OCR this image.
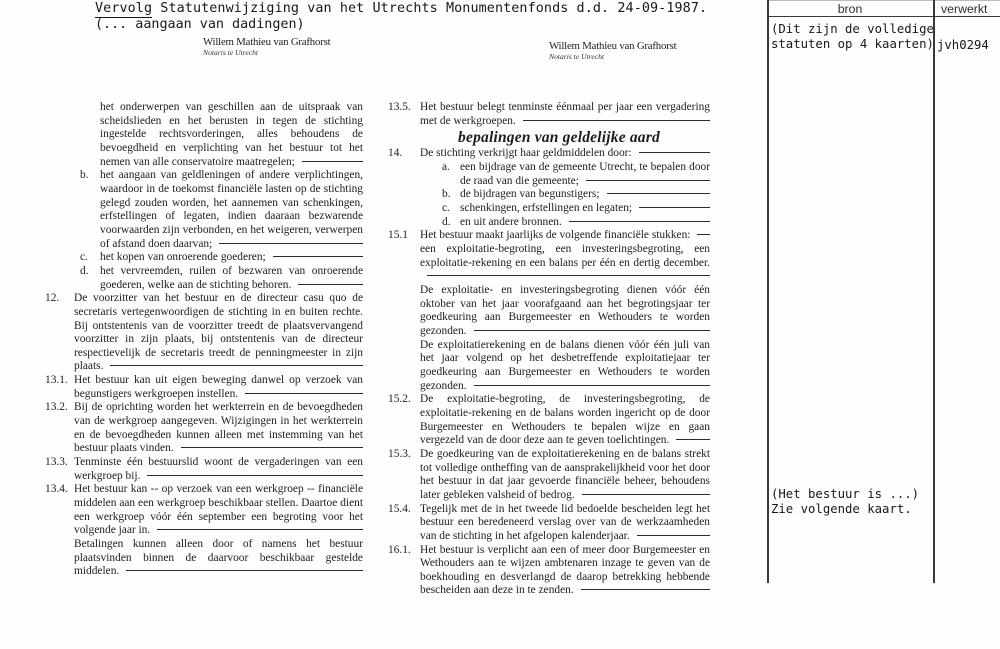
Vervolg Statutenwijziging van het Utrechts Monumentenfonds d.d. 24-09-1987.
(... aangaan van dadingen)
Willem Mathieu van Grafhorst
Notaris te Utrecht
Willem Mathieu van Grafhorst
Notaris te Utrecht
het onderwerpen van geschillen aan de uitspraak van scheidslieden en het berusten in tegen de stichting ingestelde rechtsvorderingen, alles behoudens de bevoegdheid en verplichting van het bestuur tot het nemen van alle conservatoire maatregelen;
b. het aangaan van geldleningen of andere verplichtingen, waardoor in de toekomst financiële lasten op de stichting gelegd zouden worden, het aannemen van schenkingen, erfstellingen of legaten, indien daaraan bezwarende voorwaarden zijn verbonden, en het weigeren, verwerpen of afstand doen daarvan;
c. het kopen van onroerende goederen;
d. het vervreemden, ruilen of bezwaren van onroerende goederen, welke aan de stichting behoren.
12. De voorzitter van het bestuur en de directeur casu quo de secretaris vertegenwoordigen de stichting in en buiten rechte. Bij ontstentenis van de voorzitter treedt de plaatsvervangend voorzitter in zijn plaats, bij ontstentenis van de directeur respectievelijk de secretaris treedt de penningmeester in zijn plaats.
13.1. Het bestuur kan uit eigen beweging danwel op verzoek van begunstigers werkgroepen instellen.
13.2. Bij de oprichting worden het werkterrein en de bevoegdheden van de werkgroep aangegeven. Wijzigingen in het werkterrein en de bevoegdheden kunnen alleen met instemming van het bestuur plaats vinden.
13.3. Tenminste één bestuurslid woont de vergaderingen van een werkgroep bij.
13.4. Het bestuur kan -- op verzoek van een werkgroep -- financiële middelen aan een werkgroep beschikbaar stellen. Daartoe dient een werkgroep vóór één september een begroting voor het volgende jaar in.
Betalingen kunnen alleen door of namens het bestuur plaatsvinden binnen de daarvoor beschikbaar gestelde middelen.
13.5. Het bestuur belegt tenminste éénmaal per jaar een vergadering met de werkgroepen.
bepalingen van geldelijke aard
14. De stichting verkrijgt haar geldmiddelen door:
a. een bijdrage van de gemeente Utrecht, te bepalen door de raad van die gemeente;
b. de bijdragen van begunstigers;
c. schenkingen, erfstellingen en legaten;
d. en uit andere bronnen.
15.1 Het bestuur maakt jaarlijks de volgende financiële stukken:
een exploitatie-begroting, een investeringsbegroting, een exploitatie-rekening en een balans per één en dertig december.
De exploitatie- en investeringsbegroting dienen vóór één oktober van het jaar voorafgaand aan het begrotingsjaar ter goedkeuring aan Burgemeester en Wethouders te worden gezonden.
De exploitatierekening en de balans dienen vóór één juli van het jaar volgend op het desbetreffende exploitatiejaar ter goedkeuring aan Burgemeester en Wethouders te worden gezonden.
15.2. De exploitatie-begroting, de investeringsbegroting, de exploitatie-rekening en de balans worden ingericht op de door Burgemeester en Wethouders te bepalen wijze en gaan vergezeld van de door deze aan te geven toelichtingen.
15.3. De goedkeuring van de exploitatierekening en de balans strekt tot volledige ontheffing van de aansprakelijkheid voor het door het bestuur in dat jaar gevoerde financiële beheer, behoudens later gebleken valsheid of bedrog.
15.4. Tegelijk met de in het tweede lid bedoelde bescheiden legt het bestuur een beredeneerd verslag over van de werkzaamheden van de stichting in het afgelopen kalenderjaar.
16.1. Het bestuur is verplicht aan een of meer door Burgemeester en Wethouders aan te wijzen ambtenaren inzage te geven van de boekhouding en desverlangd de daarop betrekking hebbende bescheiden aan deze in te zenden.
bron	verwerkt
(Dit zijn de volledige
statuten op 4 kaarten) jvh0294
(Het bestuur is ...)
Zie volgende kaart.
